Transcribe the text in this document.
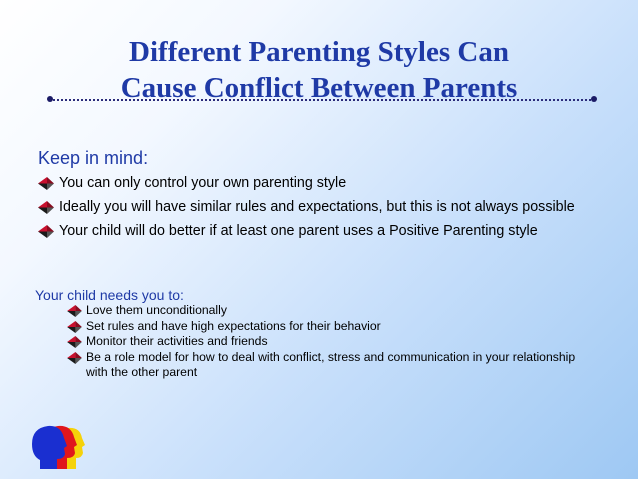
Different Parenting Styles Can
Cause Conflict Between Parents
Keep in mind:
You can only control your own parenting style
Ideally you will have similar rules and expectations, but this is not always possible
Your child will do better if at least one parent uses a Positive Parenting style
Your child needs you to:
Love them unconditionally
Set rules and have high expectations for their behavior
Monitor their activities and friends
Be a role model for how to deal with conflict, stress and communication in your relationship with the other parent
